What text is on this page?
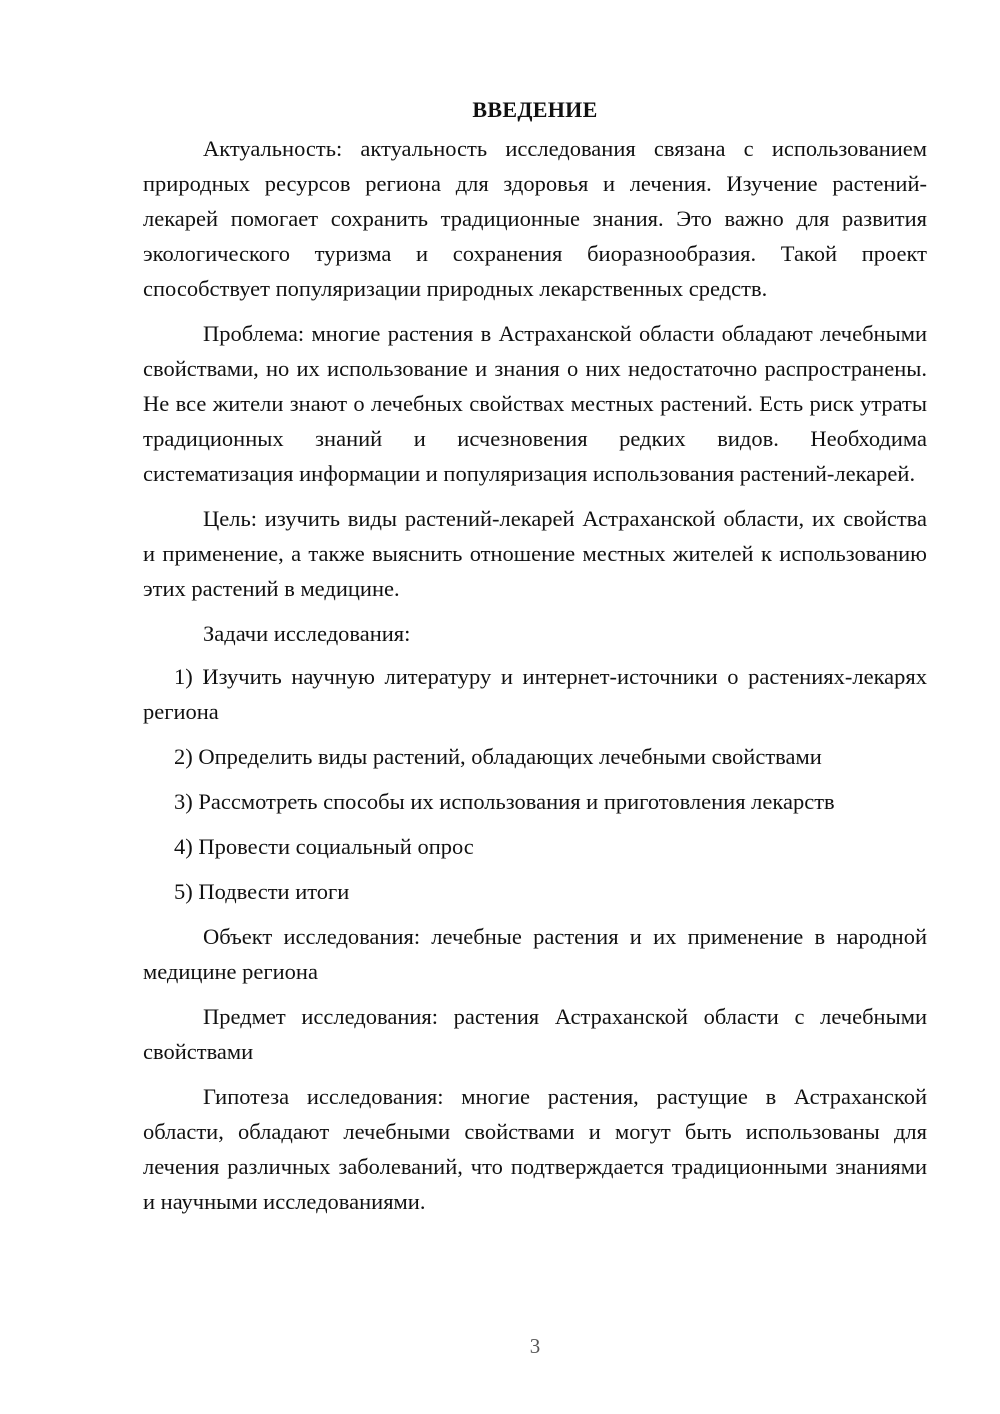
ВВЕДЕНИЕ

Актуальность: актуальность исследования связана с использованием природных ресурсов региона для здоровья и лечения. Изучение растений-лекарей помогает сохранить традиционные знания. Это важно для развития экологического туризма и сохранения биоразнообразия. Такой проект способствует популяризации природных лекарственных средств.

Проблема: многие растения в Астраханской области обладают лечебными свойствами, но их использование и знания о них недостаточно распространены. Не все жители знают о лечебных свойствах местных растений. Есть риск утраты традиционных знаний и исчезновения редких видов. Необходима систематизация информации и популяризация использования растений-лекарей.

Цель: изучить виды растений-лекарей Астраханской области, их свойства и применение, а также выяснить отношение местных жителей к использованию этих растений в медицине.

Задачи исследования:

1) Изучить научную литературу и интернет-источники о растениях-лекарях региона

2) Определить виды растений, обладающих лечебными свойствами

3) Рассмотреть способы их использования и приготовления лекарств

4) Провести социальный опрос

5) Подвести итоги

Объект исследования: лечебные растения и их применение в народной медицине региона

Предмет исследования: растения Астраханской области с лечебными свойствами

Гипотеза исследования: многие растения, растущие в Астраханской области, обладают лечебными свойствами и могут быть использованы для лечения различных заболеваний, что подтверждается традиционными знаниями и научными исследованиями.

3
